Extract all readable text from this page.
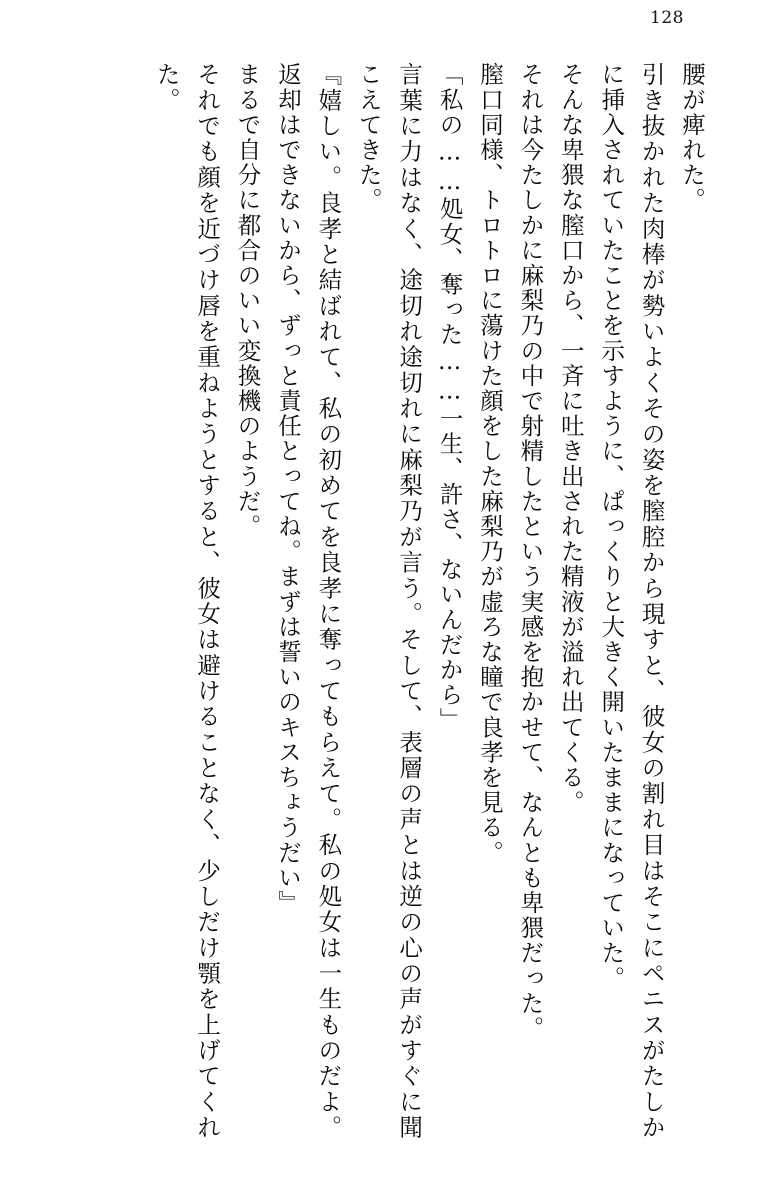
128

腰が痺れた。

引き抜かれた肉棒が勢いよくその姿を膣腔から現すと、彼女の割れ目はそこにペニスがたしかに挿入されていたことを示すように、ぱっくりと大きく開いたままになっていた。

そんな卑猥な膣口から、一斉に吐き出された精液が溢れ出てくる。

それは今たしかに麻梨乃の中で射精したという実感を抱かせて、なんとも卑猥だった。

膣口同様、トロトロに蕩けた顔をした麻梨乃が虚ろな瞳で良孝を見る。

「私の……処女、奪った……一生、許さ、ないんだから」

言葉に力はなく、途切れ途切れに麻梨乃が言う。そして、表層の声とは逆の心の声がすぐに聞こえてきた。

『嬉しい。良孝と結ばれて、私の初めてを良孝に奪ってもらえて。私の処女は一生ものだよ。返却はできないから、ずっと責任とってね。まずは誓いのキスちょうだい』

まるで自分に都合のいい変換機のようだ。

それでも顔を近づけ唇を重ねようとすると、彼女は避けることなく、少しだけ顎を上げてくれた。
